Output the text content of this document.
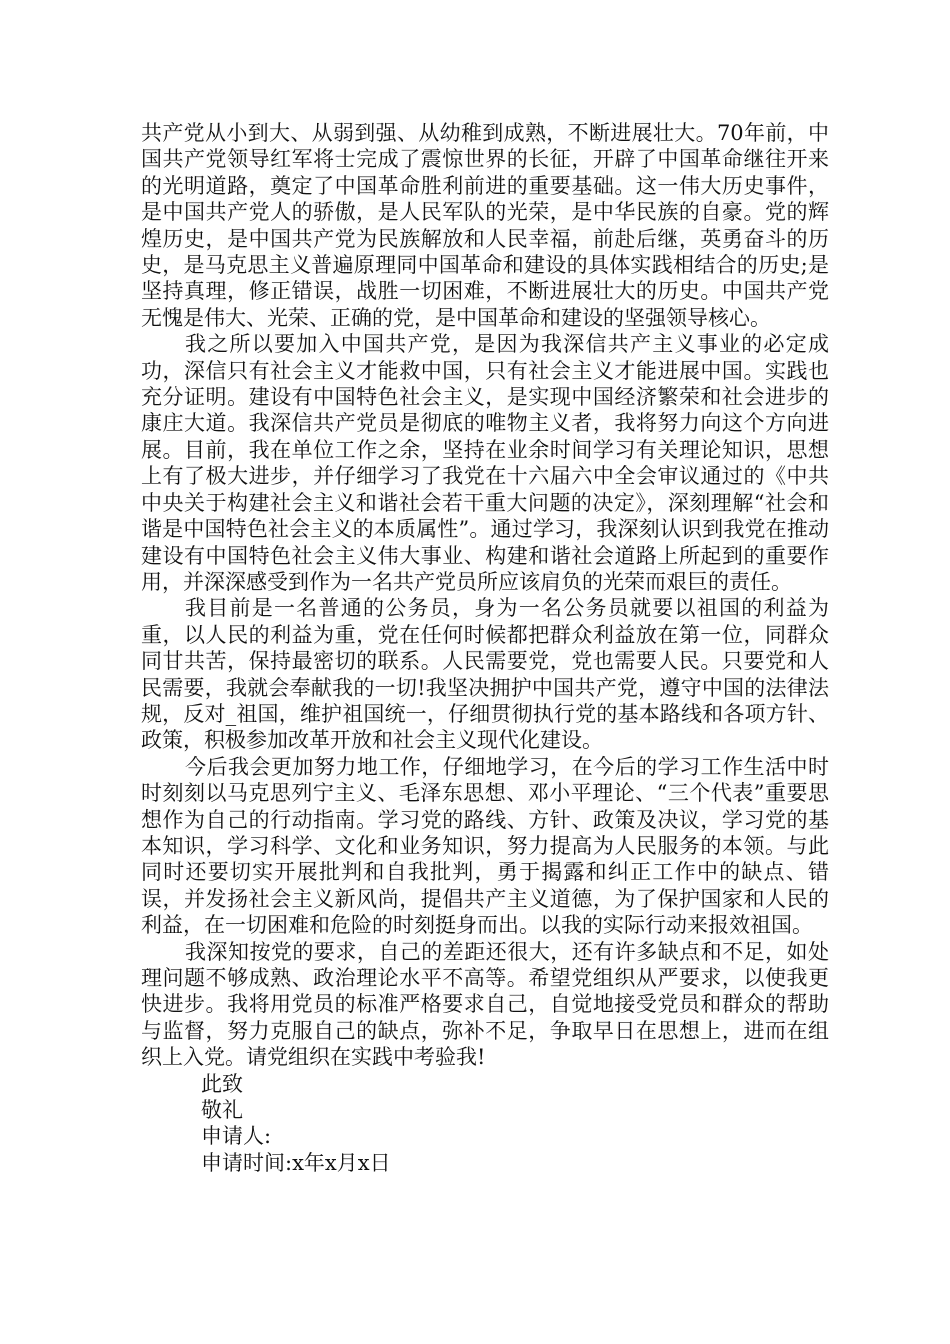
共产党从小到大、从弱到强、从幼稚到成熟，不断进展壮大。70年前，中国共产党领导红军将士完成了震惊世界的长征，开辟了中国革命继往开来的光明道路，奠定了中国革命胜利前进的重要基础。这一伟大历史事件，是中国共产党人的骄傲，是人民军队的光荣，是中华民族的自豪。党的辉煌历史，是中国共产党为民族解放和人民幸福，前赴后继，英勇奋斗的历史，是马克思主义普遍原理同中国革命和建设的具体实践相结合的历史;是坚持真理，修正错误，战胜一切困难，不断进展壮大的历史。中国共产党无愧是伟大、光荣、正确的党，是中国革命和建设的坚强领导核心。

我之所以要加入中国共产党，是因为我深信共产主义事业的必定成功，深信只有社会主义才能救中国，只有社会主义才能进展中国。实践也充分证明。建设有中国特色社会主义，是实现中国经济繁荣和社会进步的康庄大道。我深信共产党员是彻底的唯物主义者，我将努力向这个方向进展。目前，我在单位工作之余，坚持在业余时间学习有关理论知识，思想上有了极大进步，并仔细学习了我党在十六届六中全会审议通过的《中共中央关于构建社会主义和谐社会若干重大问题的决定》，深刻理解“社会和谐是中国特色社会主义的本质属性”。通过学习，我深刻认识到我党在推动建设有中国特色社会主义伟大事业、构建和谐社会道路上所起到的重要作用，并深深感受到作为一名共产党员所应该肩负的光荣而艰巨的责任。

我目前是一名普通的公务员，身为一名公务员就要以祖国的利益为重，以人民的利益为重，党在任何时候都把群众利益放在第一位，同群众同甘共苦，保持最密切的联系。人民需要党，党也需要人民。只要党和人民需要，我就会奉献我的一切!我坚决拥护中国共产党，遵守中国的法律法规，反对_祖国，维护祖国统一，仔细贯彻执行党的基本路线和各项方针、政策，积极参加改革开放和社会主义现代化建设。

今后我会更加努力地工作，仔细地学习，在今后的学习工作生活中时时刻刻以马克思列宁主义、毛泽东思想、邓小平理论、“三个代表”重要思想作为自己的行动指南。学习党的路线、方针、政策及决议，学习党的基本知识，学习科学、文化和业务知识，努力提高为人民服务的本领。与此同时还要切实开展批判和自我批判，勇于揭露和纠正工作中的缺点、错误，并发扬社会主义新风尚，提倡共产主义道德，为了保护国家和人民的利益，在一切困难和危险的时刻挺身而出。以我的实际行动来报效祖国。

我深知按党的要求，自己的差距还很大，还有许多缺点和不足，如处理问题不够成熟、政治理论水平不高等。希望党组织从严要求，以使我更快进步。我将用党员的标准严格要求自己，自觉地接受党员和群众的帮助与监督，努力克服自己的缺点，弥补不足，争取早日在思想上，进而在组织上入党。请党组织在实践中考验我!

此致

敬礼

申请人:

申请时间:x年x月x日
